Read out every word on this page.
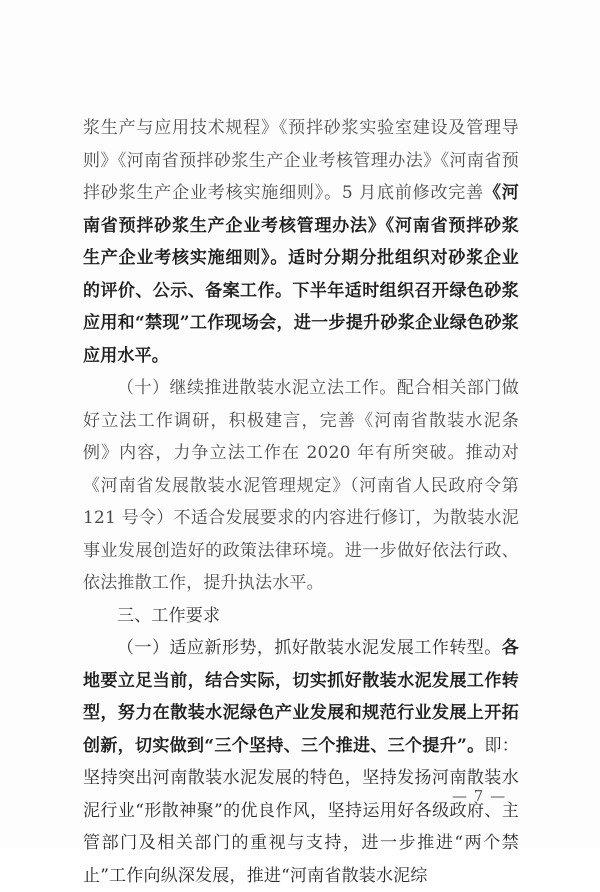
浆生产与应用技术规程》《预拌砂浆实验室建设及管理导则》《河南省预拌砂浆生产企业考核管理办法》《河南省预拌砂浆生产企业考核实施细则》。5 月底前修改完善《河南省预拌砂浆生产企业考核管理办法》《河南省预拌砂浆生产企业考核实施细则》。适时分期分批组织对砂浆企业的评价、公示、备案工作。下半年适时组织召开绿色砂浆应用和“禁现”工作现场会，进一步提升砂浆企业绿色砂浆应用水平。

（十）继续推进散装水泥立法工作。配合相关部门做好立法工作调研，积极建言，完善《河南省散装水泥条例》内容，力争立法工作在 2020 年有所突破。推动对《河南省发展散装水泥管理规定》（河南省人民政府令第 121 号令）不适合发展要求的内容进行修订，为散装水泥事业发展创造好的政策法律环境。进一步做好依法行政、依法推散工作，提升执法水平。

三、工作要求

（一）适应新形势，抓好散装水泥发展工作转型。各地要立足当前，结合实际，切实抓好散装水泥发展工作转型，努力在散装水泥绿色产业发展和规范行业发展上开拓创新，切实做到“三个坚持、三个推进、三个提升”。即：坚持突出河南散装水泥发展的特色，坚持发扬河南散装水泥行业“形散神聚”的优良作风，坚持运用好各级政府、主管部门及相关部门的重视与支持，进一步推进“两个禁止”工作向纵深发展，推进“河南省散装水泥综

— 7 —
